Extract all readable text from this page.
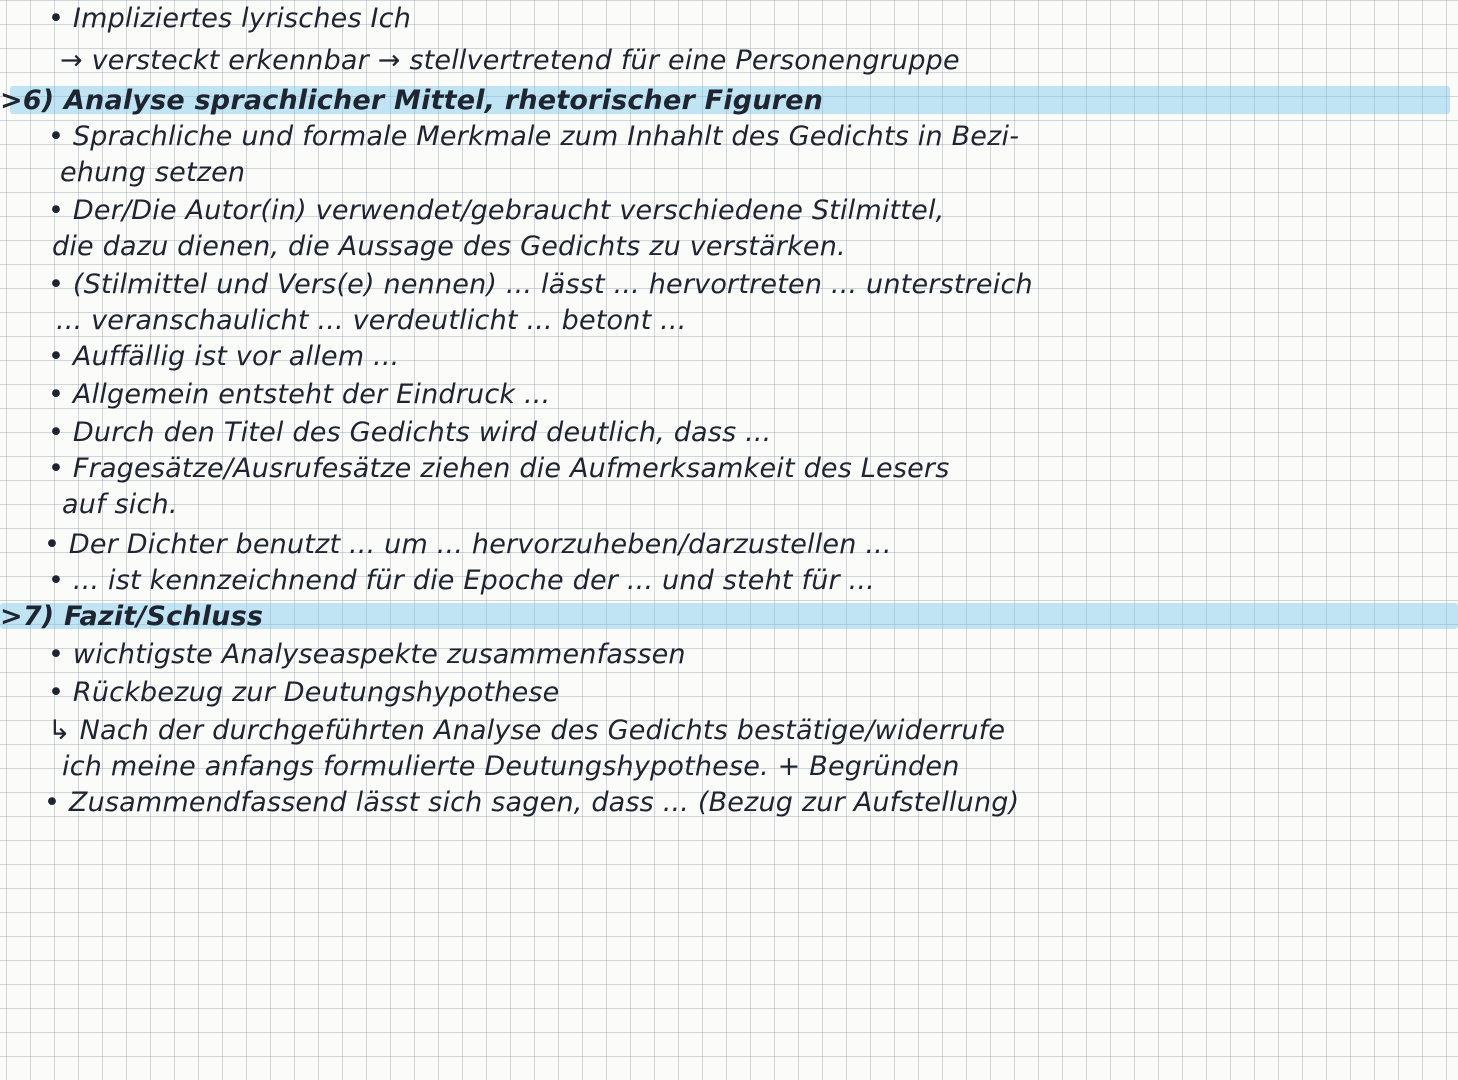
• Impliziertes lyrisches Ich
→ versteckt erkennbar → stellvertretend für eine Personengruppe
>6) Analyse sprachlicher Mittel, rhetorischer Figuren
• Sprachliche und formale Merkmale zum Inhahlt des Gedichts in Bezi-
ehung setzen
• Der/Die Autor(in) verwendet/gebraucht verschiedene Stilmittel,
die dazu dienen, die Aussage des Gedichts zu verstärken.
• (Stilmittel und Vers(e) nennen) ... lässt ... hervortreten ... unterstreich
... veranschaulicht ... verdeutlicht ... betont ...
• Auffällig ist vor allem ...
• Allgemein entsteht der Eindruck ...
• Durch den Titel des Gedichts wird deutlich, dass ...
• Fragesätze/Ausrufesätze ziehen die Aufmerksamkeit des Lesers
auf sich.
• Der Dichter benutzt ... um ... hervorzuheben/darzustellen ...
• ... ist kennzeichnend für die Epoche der ... und steht für ...
>7) Fazit/Schluss
• wichtigste Analyseaspekte zusammenfassen
• Rückbezug zur Deutungshypothese
↳ Nach der durchgeführten Analyse des Gedichts bestätige/widerrufe
ich meine anfangs formulierte Deutungshypothese. + Begründen
• Zusammendfassend lässt sich sagen, dass ... (Bezug zur Aufstellung)
